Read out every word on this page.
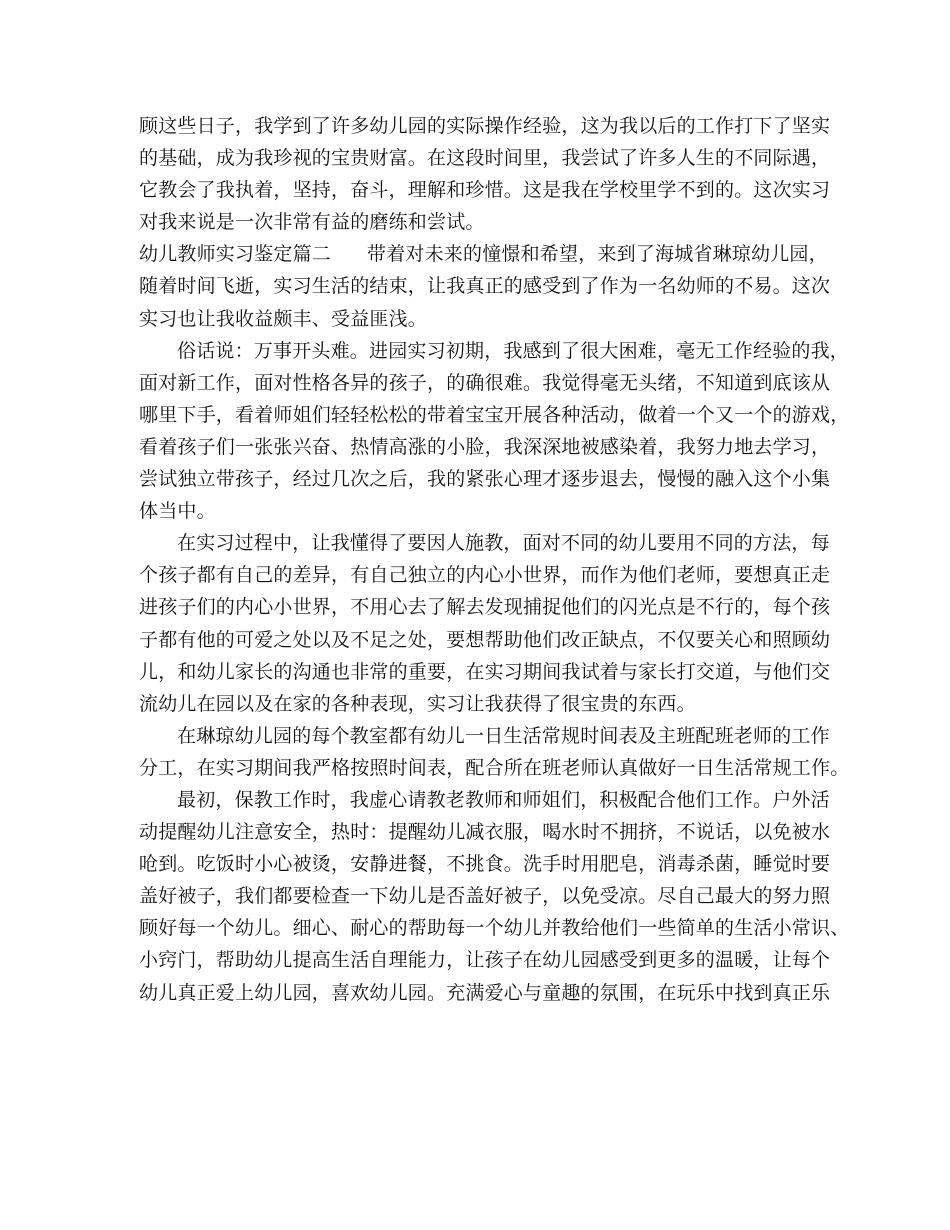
顾这些日子，我学到了许多幼儿园的实际操作经验，这为我以后的工作打下了坚实
的基础，成为我珍视的宝贵财富。在这段时间里，我尝试了许多人生的不同际遇，
它教会了我执着，坚持，奋斗，理解和珍惜。这是我在学校里学不到的。这次实习
对我来说是一次非常有益的磨练和尝试。
幼儿教师实习鉴定篇二 带着对未来的憧憬和希望，来到了海城省琳琼幼儿园，
随着时间飞逝，实习生活的结束，让我真正的感受到了作为一名幼师的不易。这次
实习也让我收益颇丰、受益匪浅。
俗话说：万事开头难。进园实习初期，我感到了很大困难，毫无工作经验的我，
面对新工作，面对性格各异的孩子，的确很难。我觉得毫无头绪，不知道到底该从
哪里下手，看着师姐们轻轻松松的带着宝宝开展各种活动，做着一个又一个的游戏，
看着孩子们一张张兴奋、热情高涨的小脸，我深深地被感染着，我努力地去学习，
尝试独立带孩子，经过几次之后，我的紧张心理才逐步退去，慢慢的融入这个小集
体当中。
在实习过程中，让我懂得了要因人施教，面对不同的幼儿要用不同的方法，每
个孩子都有自己的差异，有自己独立的内心小世界，而作为他们老师，要想真正走
进孩子们的内心小世界，不用心去了解去发现捕捉他们的闪光点是不行的，每个孩
子都有他的可爱之处以及不足之处，要想帮助他们改正缺点，不仅要关心和照顾幼
儿，和幼儿家长的沟通也非常的重要，在实习期间我试着与家长打交道，与他们交
流幼儿在园以及在家的各种表现，实习让我获得了很宝贵的东西。
在琳琼幼儿园的每个教室都有幼儿一日生活常规时间表及主班配班老师的工作
分工，在实习期间我严格按照时间表，配合所在班老师认真做好一日生活常规工作。
最初，保教工作时，我虚心请教老教师和师姐们，积极配合他们工作。户外活
动提醒幼儿注意安全，热时：提醒幼儿减衣服，喝水时不拥挤，不说话，以免被水
呛到。吃饭时小心被烫，安静进餐，不挑食。洗手时用肥皂，消毒杀菌，睡觉时要
盖好被子，我们都要检查一下幼儿是否盖好被子，以免受凉。尽自己最大的努力照
顾好每一个幼儿。细心、耐心的帮助每一个幼儿并教给他们一些简单的生活小常识、
小窍门，帮助幼儿提高生活自理能力，让孩子在幼儿园感受到更多的温暖，让每个
幼儿真正爱上幼儿园，喜欢幼儿园。充满爱心与童趣的氛围，在玩乐中找到真正乐
